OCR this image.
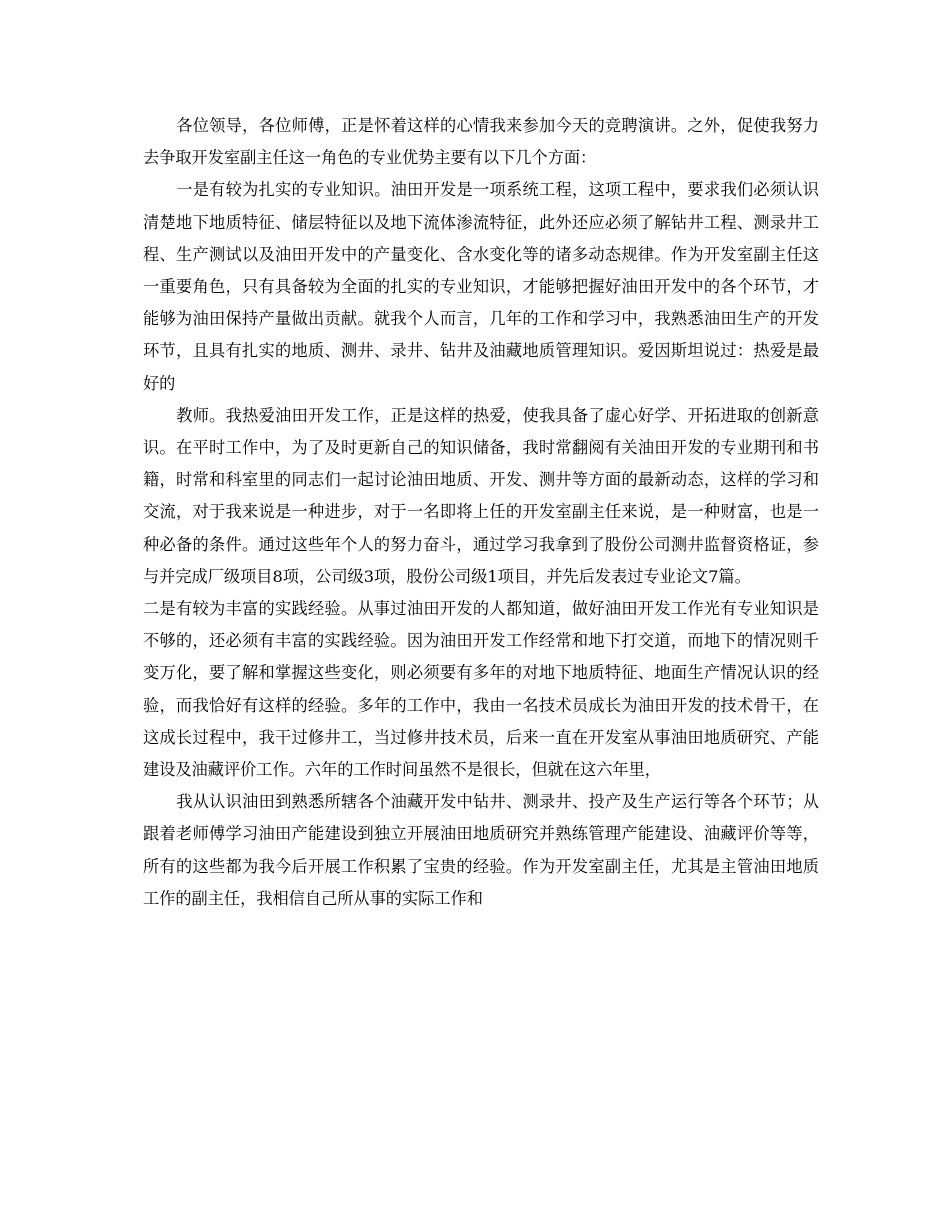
各位领导，各位师傅，正是怀着这样的心情我来参加今天的竞聘演讲。之外，促使我努力去争取开发室副主任这一角色的专业优势主要有以下几个方面：

一是有较为扎实的专业知识。油田开发是一项系统工程，这项工程中，要求我们必须认识清楚地下地质特征、储层特征以及地下流体渗流特征，此外还应必须了解钻井工程、测录井工程、生产测试以及油田开发中的产量变化、含水变化等的诸多动态规律。作为开发室副主任这一重要角色，只有具备较为全面的扎实的专业知识，才能够把握好油田开发中的各个环节，才能够为油田保持产量做出贡献。就我个人而言，几年的工作和学习中，我熟悉油田生产的开发环节，且具有扎实的地质、测井、录井、钻井及油藏地质管理知识。爱因斯坦说过：热爱是最好的

教师。我热爱油田开发工作，正是这样的热爱，使我具备了虚心好学、开拓进取的创新意识。在平时工作中，为了及时更新自己的知识储备，我时常翻阅有关油田开发的专业期刊和书籍，时常和科室里的同志们一起讨论油田地质、开发、测井等方面的最新动态，这样的学习和交流，对于我来说是一种进步，对于一名即将上任的开发室副主任来说，是一种财富，也是一种必备的条件。通过这些年个人的努力奋斗，通过学习我拿到了股份公司测井监督资格证，参与并完成厂级项目8项，公司级3项，股份公司级1项目，并先后发表过专业论文7篇。

二是有较为丰富的实践经验。从事过油田开发的人都知道，做好油田开发工作光有专业知识是不够的，还必须有丰富的实践经验。因为油田开发工作经常和地下打交道，而地下的情况则千变万化，要了解和掌握这些变化，则必须要有多年的对地下地质特征、地面生产情况认识的经验，而我恰好有这样的经验。多年的工作中，我由一名技术员成长为油田开发的技术骨干，在这成长过程中，我干过修井工，当过修井技术员，后来一直在开发室从事油田地质研究、产能建设及油藏评价工作。六年的工作时间虽然不是很长，但就在这六年里，

我从认识油田到熟悉所辖各个油藏开发中钻井、测录井、投产及生产运行等各个环节；从跟着老师傅学习油田产能建设到独立开展油田地质研究并熟练管理产能建设、油藏评价等等，所有的这些都为我今后开展工作积累了宝贵的经验。作为开发室副主任，尤其是主管油田地质工作的副主任，我相信自己所从事的实际工作和
